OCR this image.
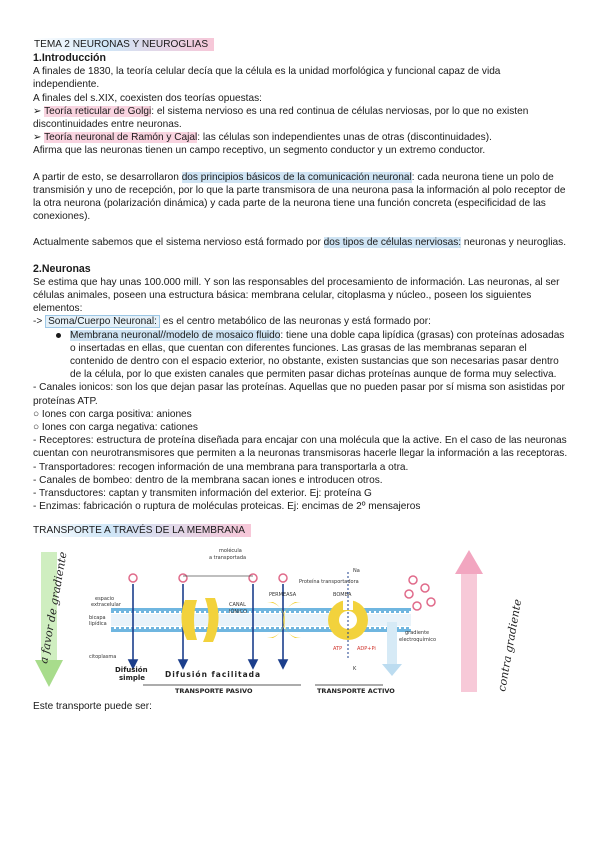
TEMA 2 NEURONAS Y NEUROGLIAS

1.Introducción

A finales de 1830, la teoría celular decía que la célula es la unidad morfológica y funcional capaz de vida independiente.

A finales del s.XIX, coexisten dos teorías opuestas:

➢ Teoría reticular de Golgi: el sistema nervioso es una red continua de células nerviosas, por lo que no existen discontinuidades entre neuronas.

➢ Teoría neuronal de Ramón y Cajal: las células son independientes unas de otras (discontinuidades).

Afirma que las neuronas tienen un campo receptivo, un segmento conductor y un extremo conductor.

A partir de esto, se desarrollaron dos principios básicos de la comunicación neuronal: cada neurona tiene un polo de transmisión y uno de recepción, por lo que la parte transmisora de una neurona pasa la información al polo receptor de la otra neurona (polarización dinámica) y cada parte de la neurona tiene una función concreta (especificidad de las conexiones).

Actualmente sabemos que el sistema nervioso está formado por dos tipos de células nerviosas: neuronas y neuroglias.

2.Neuronas

Se estima que hay unas 100.000 mill. Y son las responsables del procesamiento de información. Las neuronas, al ser células animales, poseen una estructura básica: membrana celular, citoplasma y núcleo., poseen los siguientes elementos:

-> Soma/Cuerpo Neuronal: es el centro metabólico de las neuronas y está formado por:

Membrana neuronal//modelo de mosaico fluido: tiene una doble capa lipídica (grasas) con proteínas adosadas o insertadas en ellas, que cuentan con diferentes funciones. Las grasas de las membranas separan el contenido de dentro con el espacio exterior, no obstante, existen sustancias que son necesarias pasar dentro de la célula, por lo que existen canales que permiten pasar dichas proteínas aunque de forma muy selectiva.

- Canales ionicos: son los que dejan pasar las proteínas. Aquellas que no pueden pasar por sí misma son asistidas por proteínas ATP.

○ Iones con carga positiva: aniones

○ Iones con carga negativa: cationes

- Receptores: estructura de proteína diseñada para encajar con una molécula que la active. En el caso de las neuronas cuentan con neurotransmisores que permiten a la neuronas transmisoras hacerle llegar la información a las receptoras.

- Transportadores: recogen información de una membrana para transportarla a otra.

- Canales de bombeo: dentro de la membrana sacan iones e introducen otros.

- Transductores: captan y transmiten información del exterior. Ej: proteína G

- Enzimas: fabricación o ruptura de moléculas proteicas. Ej: encimas de 2º mensajeros

TRANSPORTE A TRAVÉS DE LA MEMBRANA
a favor de gradiente	contra gradiente
molécula
a transportada
espacio
extracelular
bicapa
lipídica
citoplasma
CANAL
IÓNICO
Proteína transportadora
PERMEASA	BOMBA
Na
K
gradiente
electroquímico
ATP	ADP+Pi
Difusión
simple	Difusión facilitada
TRANSPORTE PASIVO	TRANSPORTE ACTIVO

Este transporte puede ser:
